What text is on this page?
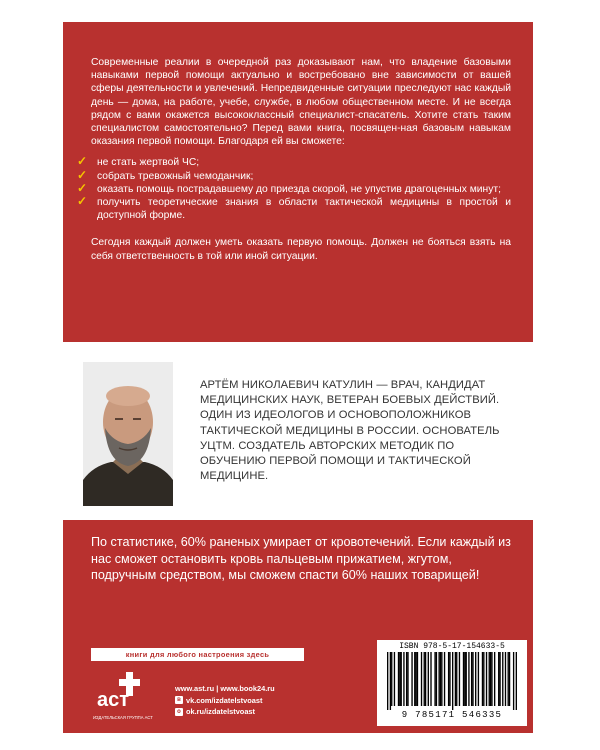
Современные реалии в очередной раз доказывают нам, что владение базовыми навыками первой помощи актуально и востребовано вне зависимости от вашей сферы деятельности и увлечений. Непредвиденные ситуации преследуют нас каждый день — дома, на работе, учебе, службе, в любом общественном месте. И не всегда рядом с вами окажется высококлассный специалист-спасатель. Хотите стать таким специалистом самостоятельно? Перед вами книга, посвящен-ная базовым навыкам оказания первой помощи. Благодаря ей вы сможете:

✓ не стать жертвой ЧС;
✓ собрать тревожный чемоданчик;
✓ оказать помощь пострадавшему до приезда скорой, не упустив драгоценных минут;
✓ получить теоретические знания в области тактической медицины в простой и доступной форме.

Сегодня каждый должен уметь оказать первую помощь. Должен не бояться взять на себя ответственность в той или иной ситуации.

АРТЁМ НИКОЛАЕВИЧ КАТУЛИН — ВРАЧ, КАНДИДАТ МЕДИЦИНСКИХ НАУК, ВЕТЕРАН БОЕВЫХ ДЕЙСТВИЙ. ОДИН ИЗ ИДЕОЛОГОВ И ОСНОВОПОЛОЖНИКОВ ТАКТИЧЕСКОЙ МЕДИЦИНЫ В РОССИИ. ОСНОВАТЕЛЬ УЦТМ. СОЗДАТЕЛЬ АВТОРСКИХ МЕТОДИК ПО ОБУЧЕНИЮ ПЕРВОЙ ПОМОЩИ И ТАКТИЧЕСКОЙ МЕДИЦИНЕ.
По статистике, 60% раненых умирает от кровотечений. Если каждый из нас сможет остановить кровь пальцевым прижатием, жгутом, подручным средством, мы сможем спасти 60% наших товарищей!
книги для любого настроения здесь
аст
ИЗДАТЕЛЬСКАЯ ГРУППА АСТ
www.ast.ru | www.book24.ru
в vk.com/izdatelstvoast
о ok.ru/izdatelstvoast
ISBN 978-5-17-154633-5
9 785171 546335
